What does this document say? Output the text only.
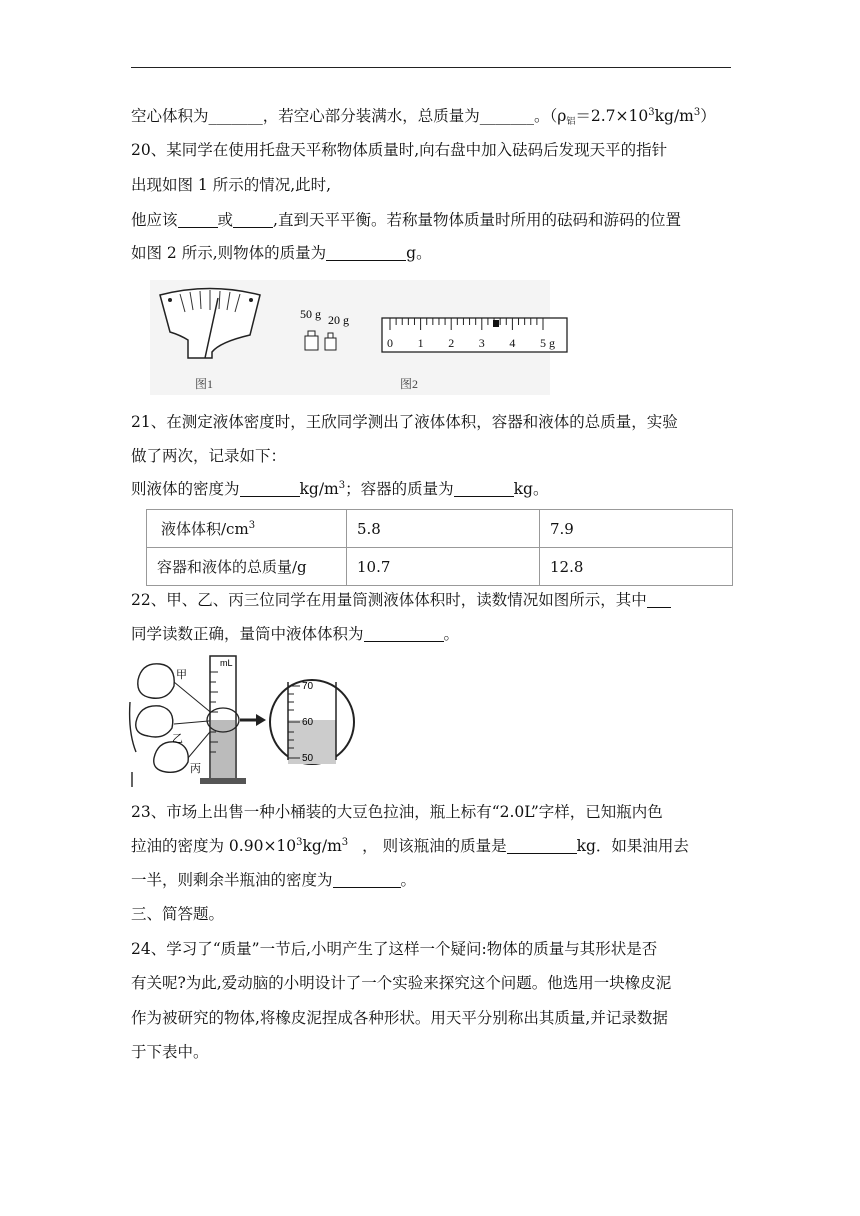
空心体积为_______，若空心部分装满水，总质量为_______。$(\rho_铝=2.7\times 10^3kg/m^3)$
20、某同学在使用托盘天平称物体质量时,向右盘中加入砝码后发现天平的指针
出现如图 1 所示的情况,此时,
他应该	或	,直到天平平衡。若称量物体质量时所用的砝码和游码的位置
如图 2 所示,则物体的质量为	g。
50 g 20 g
0 1 2 3 4 5 g
图1	图2
21、在测定液体密度时，王欣同学测出了液体体积，容器和液体的总质量，实验
做了两次，记录如下：
则液体的密度为	$kg/m^3$；容器的质量为	kg。
液体体积$/cm^3$	5.8	7.9
容器和液体的总质量/g	10.7	12.8
22、甲、乙、丙三位同学在用量筒测液体体积时，读数情况如图所示，其中
同学读数正确，量筒中液体体积为	。
甲
乙
丙
mL
70
60
50
23、市场上出售一种小桶装的大豆色拉油，瓶上标有“2.0L”字样，已知瓶内色
拉油的密度为 $0.90\times 10^3kg/m^3$ ， 则该瓶油的质量是	kg．如果油用去
一半，则剩余半瓶油的密度为	。
三、简答题。
24、学习了“质量”一节后,小明产生了这样一个疑问:物体的质量与其形状是否
有关呢?为此,爱动脑的小明设计了一个实验来探究这个问题。他选用一块橡皮泥
作为被研究的物体,将橡皮泥捏成各种形状。用天平分别称出其质量,并记录数据
于下表中。
